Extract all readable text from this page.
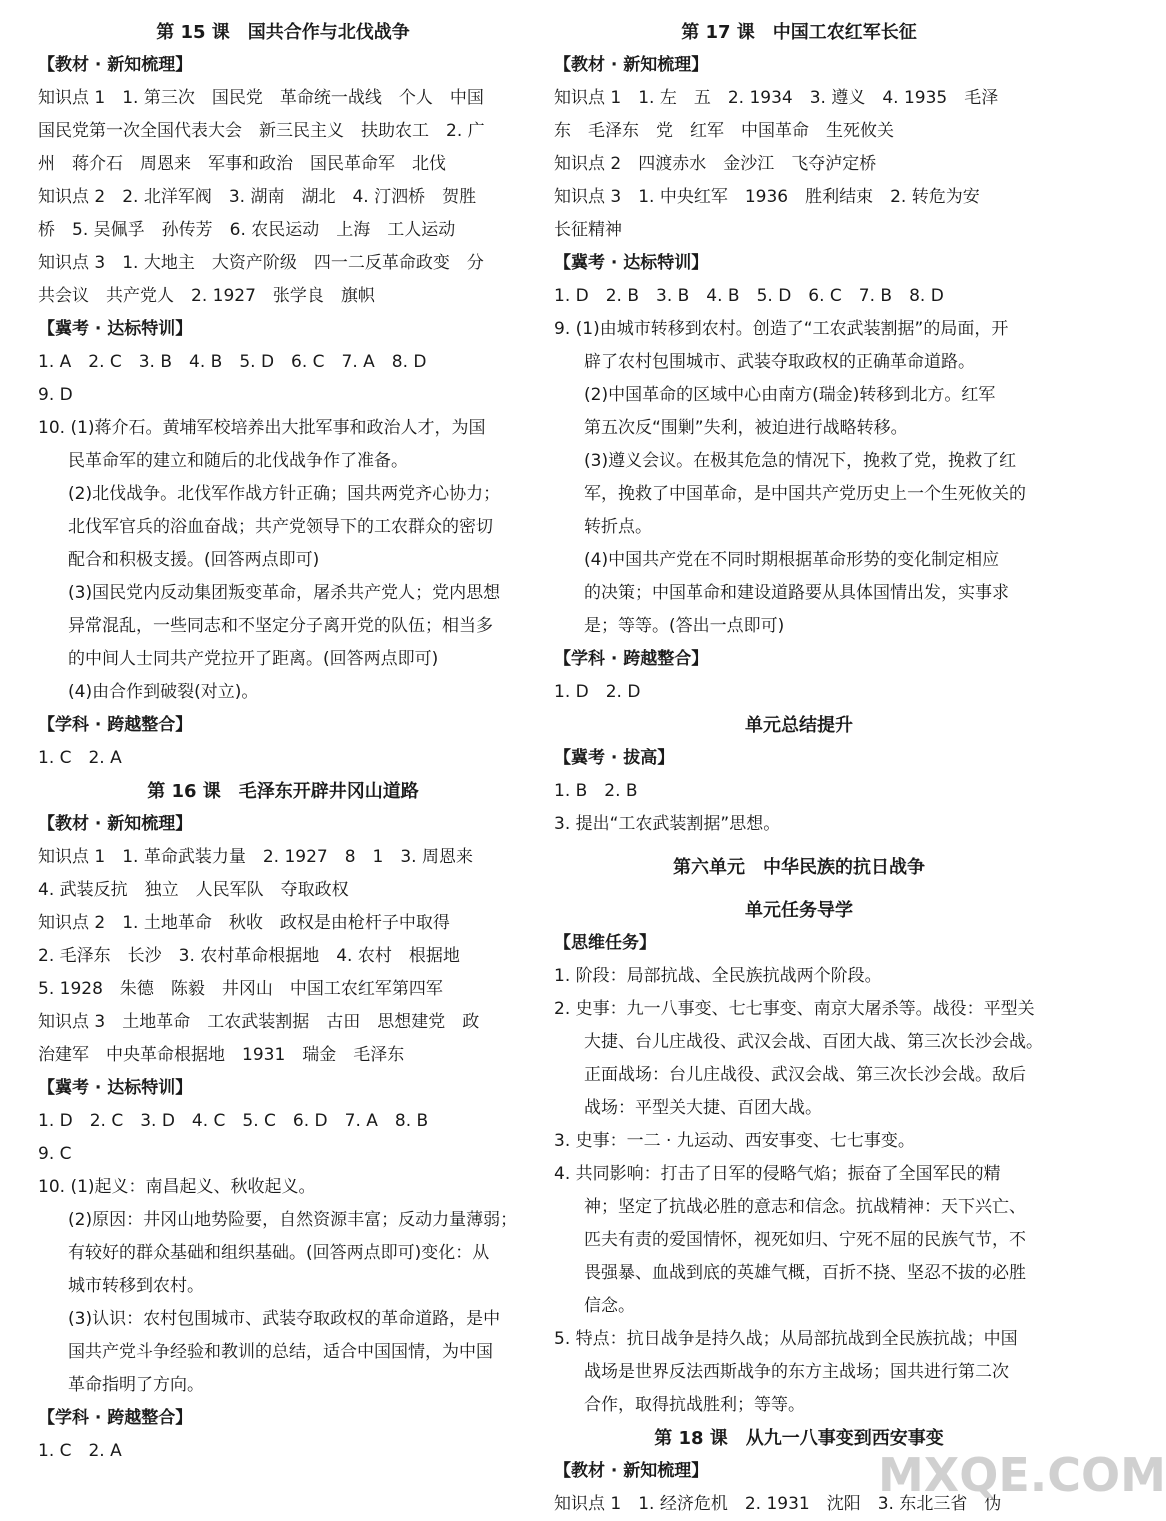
第 15 课　国共合作与北伐战争
【教材 · 新知梳理】
知识点 1　1. 第三次　国民党　革命统一战线　个人　中国
国民党第一次全国代表大会　新三民主义　扶助农工　2. 广
州　蒋介石　周恩来　军事和政治　国民革命军　北伐
知识点 2　2. 北洋军阀　3. 湖南　湖北　4. 汀泗桥　贺胜
桥　5. 吴佩孚　孙传芳　6. 农民运动　上海　工人运动
知识点 3　1. 大地主　大资产阶级　四一二反革命政变　分
共会议　共产党人　2. 1927　张学良　旗帜
【冀考 · 达标特训】
1. A　2. C　3. B　4. B　5. D　6. C　7. A　8. D
9. D
10. (1)蒋介石。黄埔军校培养出大批军事和政治人才，为国
民革命军的建立和随后的北伐战争作了准备。
(2)北伐战争。北伐军作战方针正确；国共两党齐心协力；
北伐军官兵的浴血奋战；共产党领导下的工农群众的密切
配合和积极支援。(回答两点即可)
(3)国民党内反动集团叛变革命，屠杀共产党人；党内思想
异常混乱，一些同志和不坚定分子离开党的队伍；相当多
的中间人士同共产党拉开了距离。(回答两点即可)
(4)由合作到破裂(对立)。
【学科 · 跨越整合】
1. C　2. A
第 16 课　毛泽东开辟井冈山道路
【教材 · 新知梳理】
知识点 1　1. 革命武装力量　2. 1927　8　1　3. 周恩来
4. 武装反抗　独立　人民军队　夺取政权
知识点 2　1. 土地革命　秋收　政权是由枪杆子中取得
2. 毛泽东　长沙　3. 农村革命根据地　4. 农村　根据地
5. 1928　朱德　陈毅　井冈山　中国工农红军第四军
知识点 3　土地革命　工农武装割据　古田　思想建党　政
治建军　中央革命根据地　1931　瑞金　毛泽东
【冀考 · 达标特训】
1. D　2. C　3. D　4. C　5. C　6. D　7. A　8. B
9. C
10. (1)起义：南昌起义、秋收起义。
(2)原因：井冈山地势险要，自然资源丰富；反动力量薄弱；
有较好的群众基础和组织基础。(回答两点即可)变化：从
城市转移到农村。
(3)认识：农村包围城市、武装夺取政权的革命道路，是中
国共产党斗争经验和教训的总结，适合中国国情，为中国
革命指明了方向。
【学科 · 跨越整合】
1. C　2. A
第 17 课　中国工农红军长征
【教材 · 新知梳理】
知识点 1　1. 左　五　2. 1934　3. 遵义　4. 1935　毛泽
东　毛泽东　党　红军　中国革命　生死攸关
知识点 2　四渡赤水　金沙江　飞夺泸定桥
知识点 3　1. 中央红军　1936　胜利结束　2. 转危为安
长征精神
【冀考 · 达标特训】
1. D　2. B　3. B　4. B　5. D　6. C　7. B　8. D
9. (1)由城市转移到农村。创造了“工农武装割据”的局面，开
辟了农村包围城市、武装夺取政权的正确革命道路。
(2)中国革命的区域中心由南方(瑞金)转移到北方。红军
第五次反“围剿”失利，被迫进行战略转移。
(3)遵义会议。在极其危急的情况下，挽救了党，挽救了红
军，挽救了中国革命，是中国共产党历史上一个生死攸关的
转折点。
(4)中国共产党在不同时期根据革命形势的变化制定相应
的决策；中国革命和建设道路要从具体国情出发，实事求
是；等等。(答出一点即可)
【学科 · 跨越整合】
1. D　2. D
单元总结提升
【冀考 · 拔高】
1. B　2. B
3. 提出“工农武装割据”思想。
第六单元　中华民族的抗日战争
单元任务导学
【思维任务】
1. 阶段：局部抗战、全民族抗战两个阶段。
2. 史事：九一八事变、七七事变、南京大屠杀等。战役：平型关
大捷、台儿庄战役、武汉会战、百团大战、第三次长沙会战。
正面战场：台儿庄战役、武汉会战、第三次长沙会战。敌后
战场：平型关大捷、百团大战。
3. 史事：一二 · 九运动、西安事变、七七事变。
4. 共同影响：打击了日军的侵略气焰；振奋了全国军民的精
神；坚定了抗战必胜的意志和信念。抗战精神：天下兴亡、
匹夫有责的爱国情怀，视死如归、宁死不屈的民族气节，不
畏强暴、血战到底的英雄气概，百折不挠、坚忍不拔的必胜
信念。
5. 特点：抗日战争是持久战；从局部抗战到全民族抗战；中国
战场是世界反法西斯战争的东方主战场；国共进行第二次
合作，取得抗战胜利；等等。
第 18 课　从九一八事变到西安事变
【教材 · 新知梳理】
知识点 1　1. 经济危机　2. 1931　沈阳　3. 东北三省　伪
MXQE.COM
